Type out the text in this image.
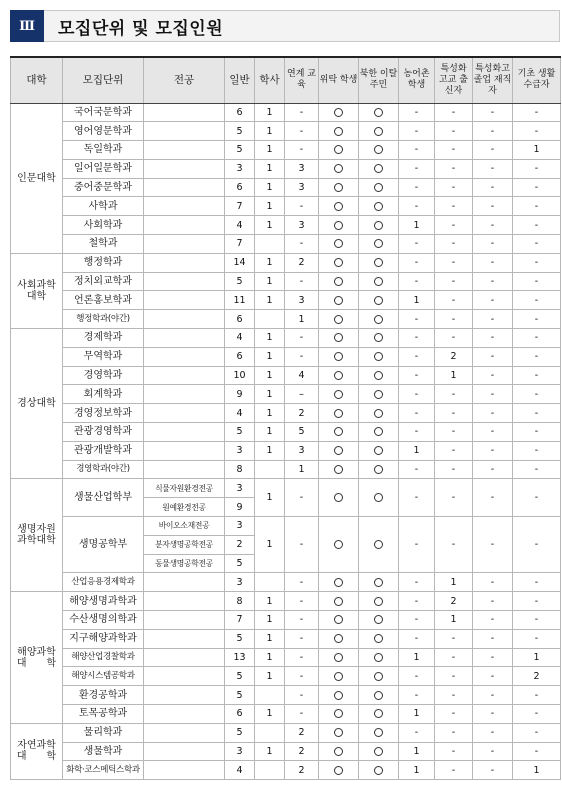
Ⅲ	모집단위 및 모집인원
대학	모집단위	전공	일반	학사	연계 교육	위탁 학생	북한 이탈주민	농어촌 학생	특성화 고교 출신자	특성화고 졸업 재직자	기초 생활 수급자

인문대학	국어국문학과		6	1	-			-	-	-	-
	영어영문학과		5	1	-			-	-	-	-
	독일학과		5	1	-			-	-	-	1
	일어일문학과		3	1	3			-	-	-	-
	중어중문학과		6	1	3			-	-	-	-
	사학과		7	1	-			-	-	-	-
	사회학과		4	1	3			1	-	-	-
	철학과		7		-			-	-	-	-

사회과학
대학	행정학과		14	1	2			-	-	-	-
	정치외교학과		5	1	-			-	-	-	-
	언론홍보학과		11	1	3			1	-	-	-
	행정학과(야간)		6		1			-	-	-	-

경상대학	경제학과		4	1	-			-	-	-	-
	무역학과		6	1	-			-	2	-	-
	경영학과		10	1	4			-	1	-	-
	회계학과		9	1	–			-	-	-	-
	경영정보학과		4	1	2			-	-	-	-
	관광경영학과		5	1	5			-	-	-	-
	관광개발학과		3	1	3			1	-	-	-
	경영학과(야간)		8		1			-	-	-	-

생명자원
과학대학	생물산업학부	식물자원환경전공	3	1	-			-	-	-	-
		원예환경전공	9								
	생명공학부	바이오소재전공	3	1	-			-	-	-	-
		분자생명공학전공	2								
		동물생명공학전공	5								
	산업응용경제학과		3		-			-	1	-	-

해양과학
대　　학	해양생명과학과		8	1	-			-	2	-	-
	수산생명의학과		7	1	-			-	1	-	-
	지구해양과학과		5	1	-			-	-	-	-
	해양산업경찰학과		13	1	-			1	-	-	1
	해양시스템공학과		5	1	-			-	-	-	2
	환경공학과		5		-			-	-	-	-
	토목공학과		6	1	-			1	-	-	-

자연과학
대　　학	물리학과		5		2			-	-	-	-
	생물학과		3	1	2			1	-	-	-
	화학·코스메틱스학과		4		2			1	-	-	1
